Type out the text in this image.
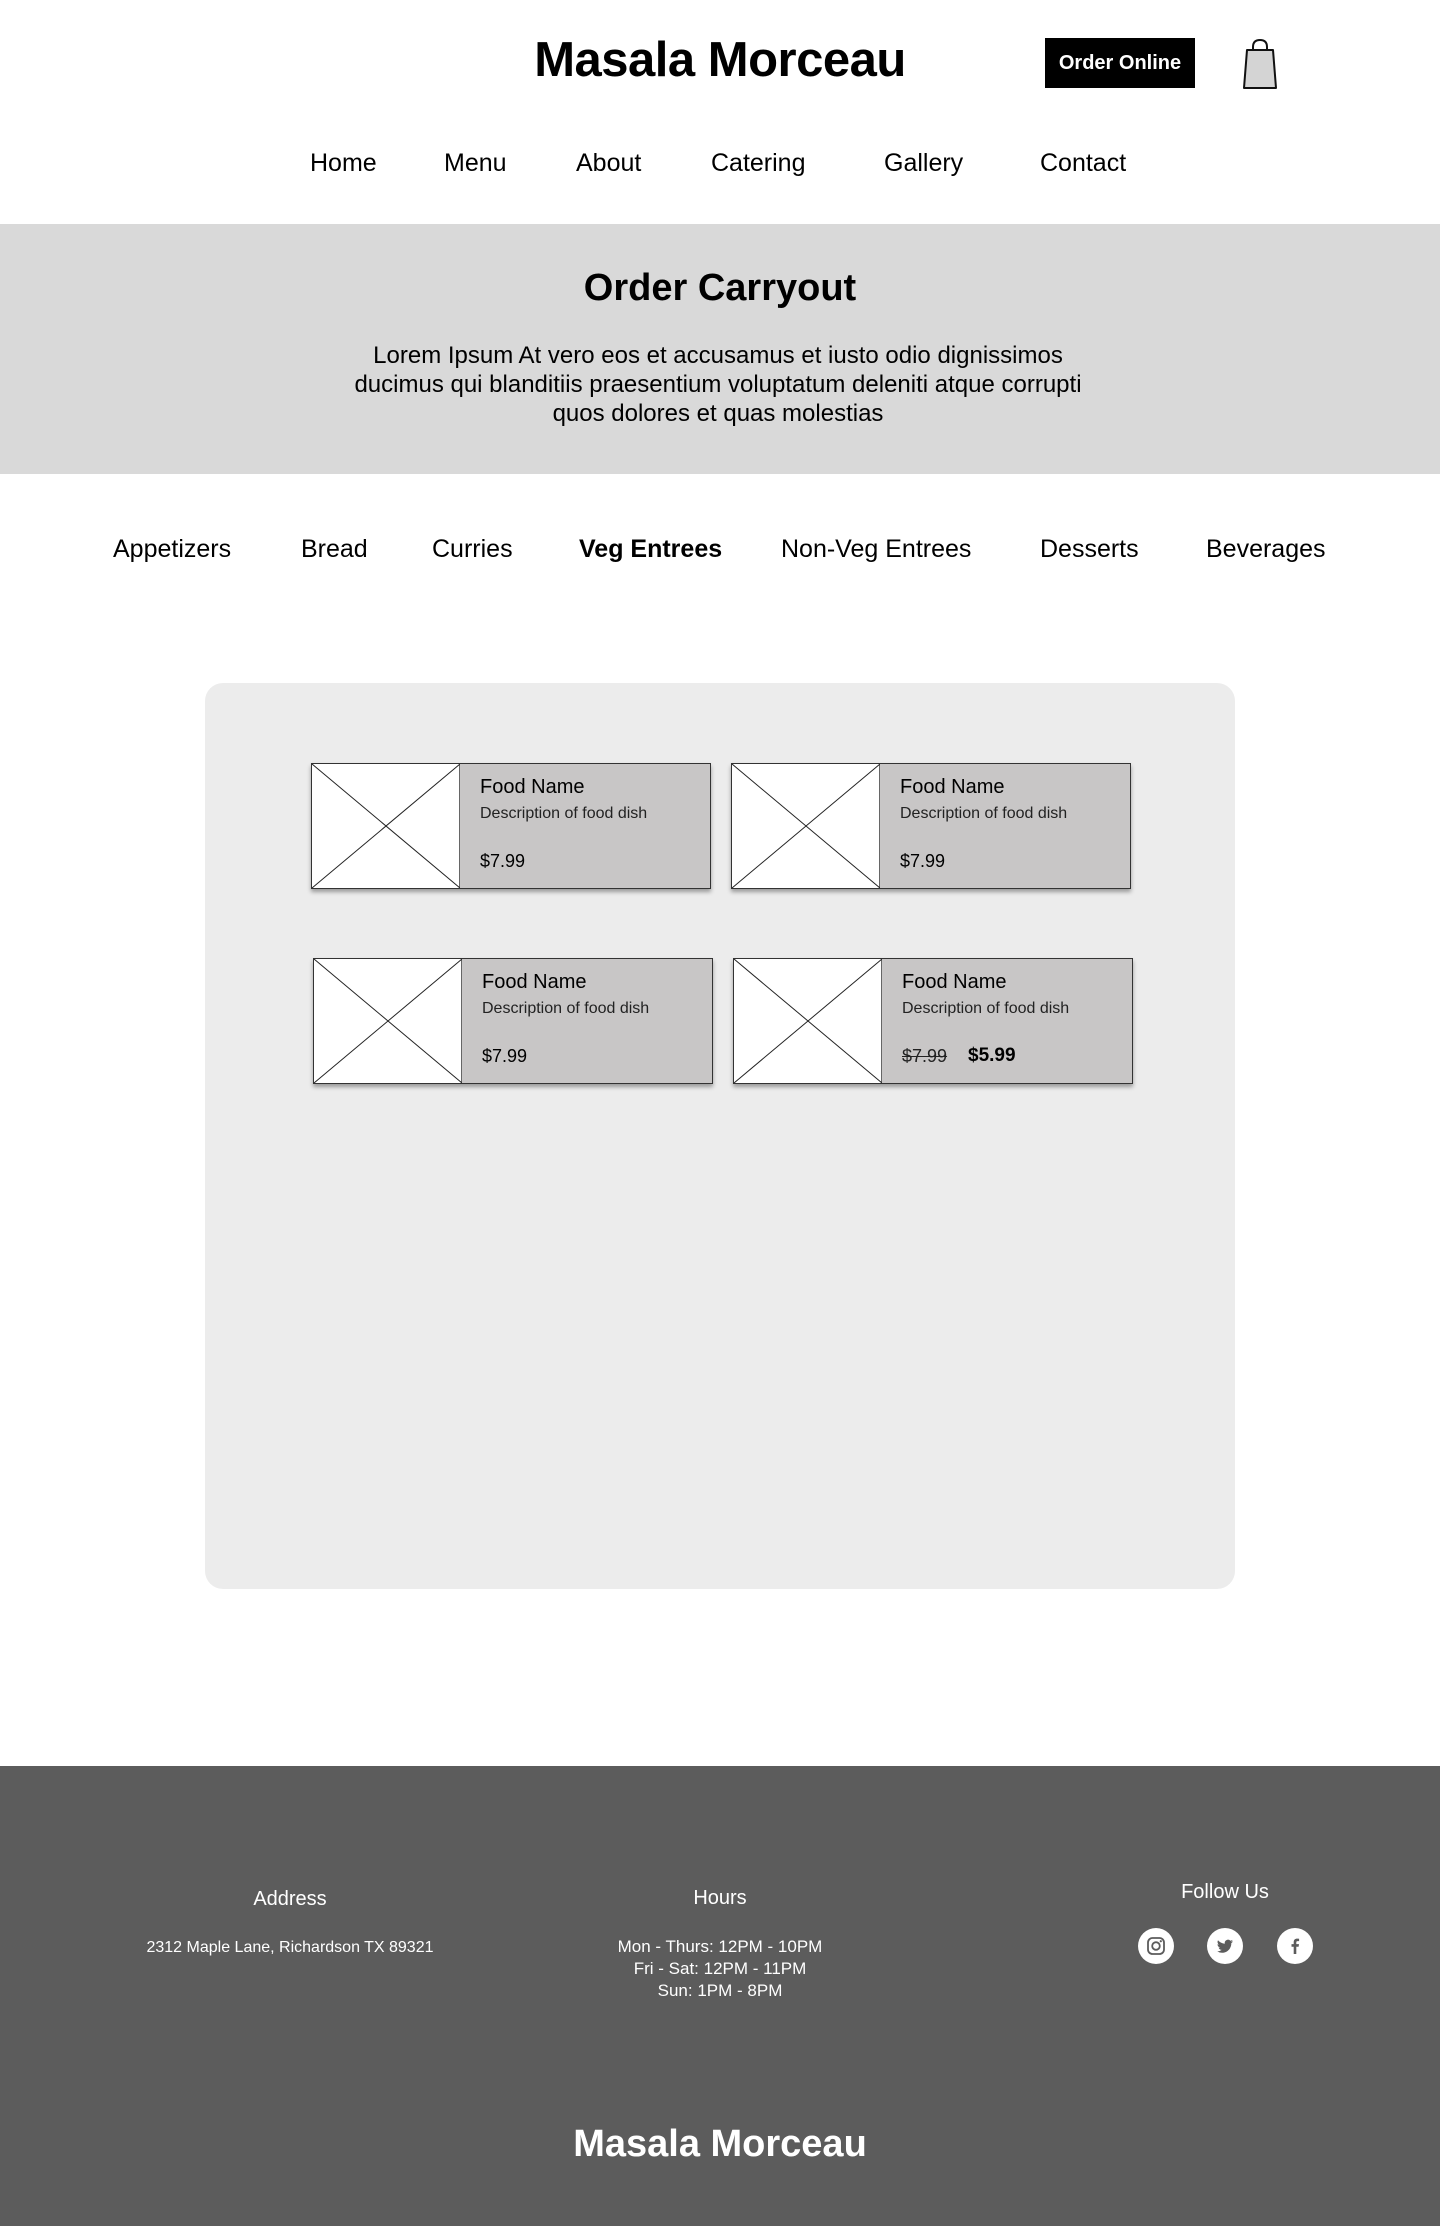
Masala Morceau	Order Online
Home	Menu	About	Catering	Gallery	Contact
Order Carryout
Lorem Ipsum At vero eos et accusamus et iusto odio dignissimos
ducimus qui blanditiis praesentium voluptatum deleniti atque corrupti
quos dolores et quas molestias
Appetizers	Bread	Curries	Veg Entrees Non-Veg Entrees	Desserts	Beverages
Food Name
Description of food dish
$7.99
Food Name
Description of food dish
$7.99
Food Name
Description of food dish
$7.99
Food Name
Description of food dish
$7.99 $5.99
Address
2312 Maple Lane, Richardson TX 89321
Hours
Mon - Thurs: 12PM - 10PM
Fri - Sat: 12PM - 11PM
Sun: 1PM - 8PM
Follow Us
Masala Morceau
